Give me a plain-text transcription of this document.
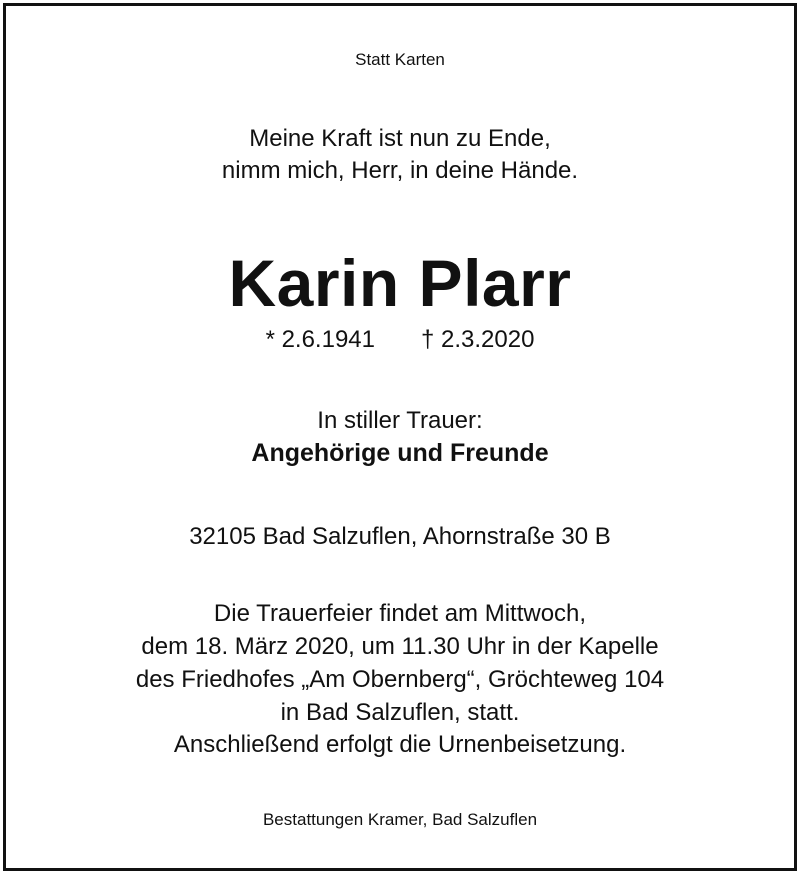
Statt Karten
Meine Kraft ist nun zu Ende,
nimm mich, Herr, in deine Hände.
Karin Plarr
* 2.6.1941 † 2.3.2020
In stiller Trauer:
Angehörige und Freunde
32105 Bad Salzuflen, Ahornstraße 30 B
Die Trauerfeier findet am Mittwoch,
dem 18. März 2020, um 11.30 Uhr in der Kapelle
des Friedhofes „Am Obernberg“, Gröchteweg 104
in Bad Salzuflen, statt.
Anschließend erfolgt die Urnenbeisetzung.
Bestattungen Kramer, Bad Salzuflen
